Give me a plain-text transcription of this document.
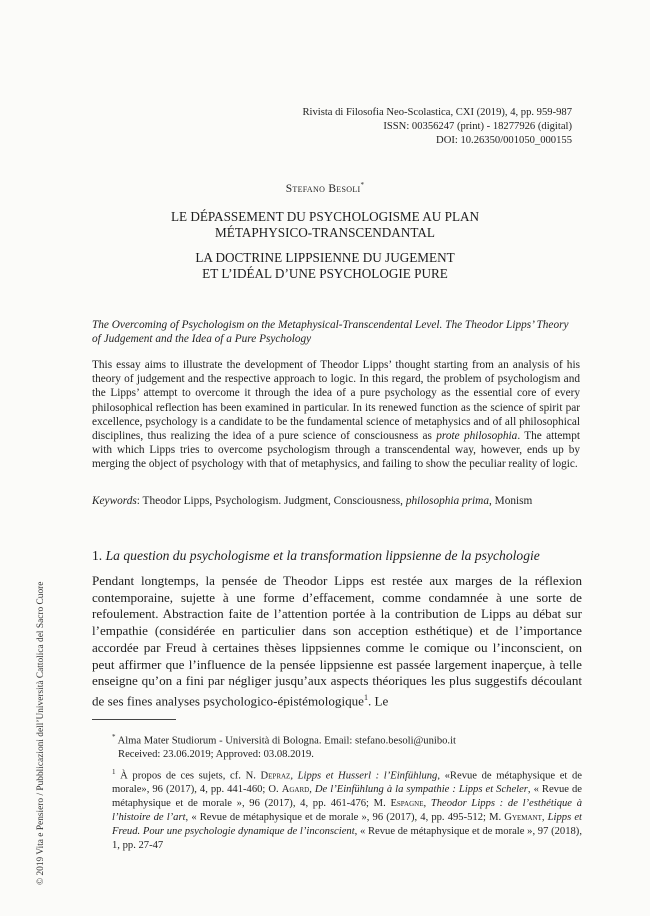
Rivista di Filosofia Neo-Scolastica, CXI (2019), 4, pp. 959-987
ISSN: 00356247 (print) - 18277926 (digital)
DOI: 10.26350/001050_000155
Stefano Besoli*
LE DÉPASSEMENT DU PSYCHOLOGISME AU PLAN
MÉTAPHYSICO-TRANSCENDANTAL
LA DOCTRINE LIPPSIENNE DU JUGEMENT
ET L’IDÉAL D’UNE PSYCHOLOGIE PURE
The Overcoming of Psychologism on the Metaphysical-Transcendental Level. The Theodor Lipps’ Theory of Judgement and the Idea of a Pure Psychology
This essay aims to illustrate the development of Theodor Lipps’ thought starting from an analysis of his theory of judgement and the respective approach to logic. In this regard, the problem of psychologism and the Lipps’ attempt to overcome it through the idea of a pure psychology as the essential core of every philosophical reflection has been examined in particular. In its renewed function as the science of spirit par excellence, psychology is a candidate to be the fundamental science of metaphysics and of all philosophical disciplines, thus realizing the idea of a pure science of consciousness as prote philosophia. The attempt with which Lipps tries to overcome psychologism through a transcendental way, however, ends up by merging the object of psychology with that of metaphysics, and failing to show the peculiar reality of logic.
Keywords: Theodor Lipps, Psychologism. Judgment, Consciousness, philosophia prima, Monism
1. La question du psychologisme et la transformation lippsienne de la psychologie
Pendant longtemps, la pensée de Theodor Lipps est restée aux marges de la réflexion contemporaine, sujette à une forme d’effacement, comme condamnée à une sorte de refoulement. Abstraction faite de l’attention portée à la contribution de Lipps au débat sur l’empathie (considérée en particulier dans son acception esthétique) et de l’importance accordée par Freud à certaines thèses lippsiennes comme le comique ou l’inconscient, on peut affirmer que l’influence de la pensée lippsienne est passée largement inaperçue, à telle enseigne qu’on a fini par négliger jusqu’aux aspects théoriques les plus suggestifs découlant de ses fines analyses psychologico-épistémologique$^1$. Le
* Alma Mater Studiorum - Università di Bologna. Email: stefano.besoli@unibo.it
Received: 23.06.2019; Approved: 03.08.2019.
$^1$ À propos de ces sujets, cf. N. Depraz, Lipps et Husserl : l’Einfühlung, «Revue de métaphysique et de morale», 96 (2017), 4, pp. 441-460; O. Agard, De l’Einfühlung à la sympathie : Lipps et Scheler, « Revue de métaphysique et de morale », 96 (2017), 4, pp. 461-476; M. Espagne, Theodor Lipps : de l’esthétique à l’histoire de l’art, « Revue de métaphysique et de morale », 96 (2017), 4, pp. 495-512; M. Gyemant, Lipps et Freud. Pour une psychologie dynamique de l’inconscient, « Revue de métaphysique et de morale », 97 (2018), 1, pp. 27-47
© 2019 Vita e Pensiero / Pubblicazioni dell’Università Cattolica del Sacro Cuore
